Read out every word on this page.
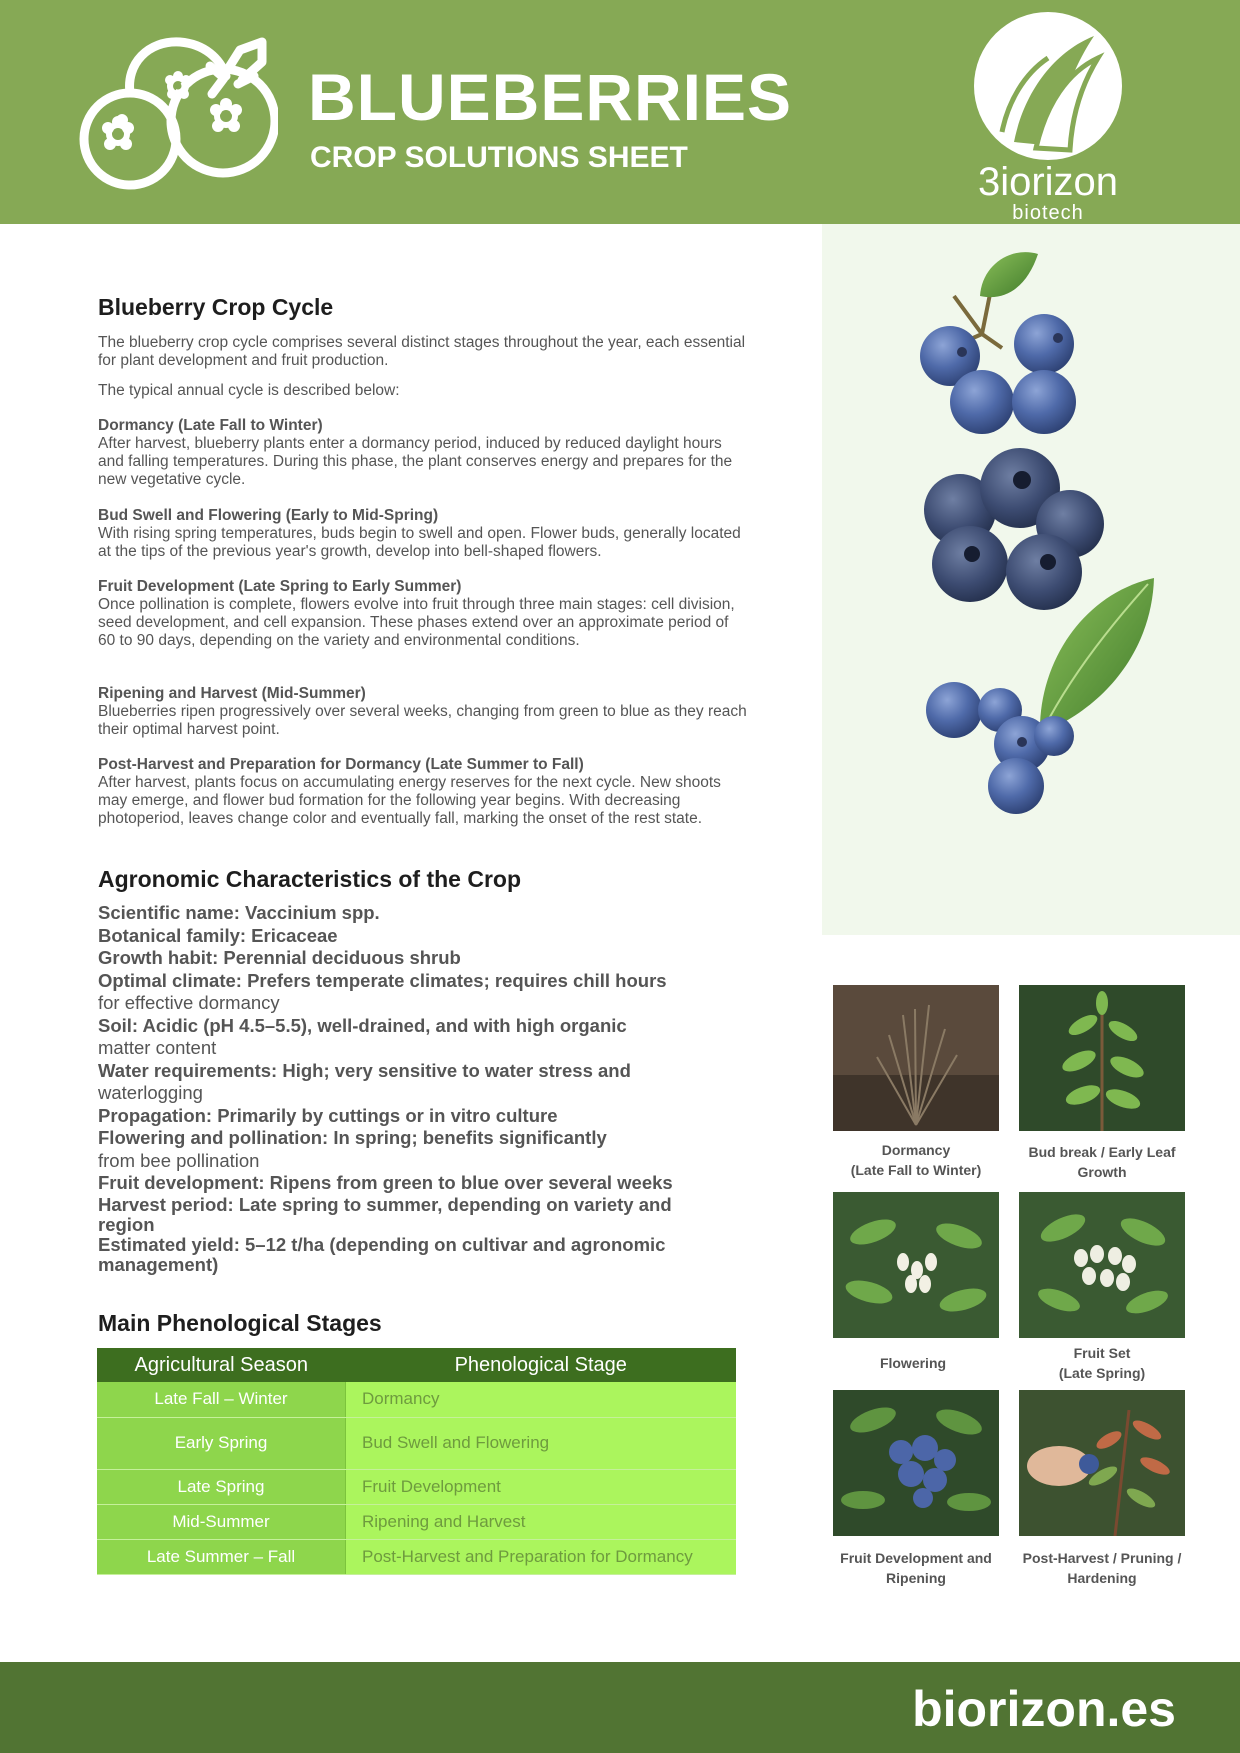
BLUEBERRIES
CROP SOLUTIONS SHEET
3iorizon
biotech
Blueberry Crop Cycle

The blueberry crop cycle comprises several distinct stages throughout the year, each essential for plant development and fruit production.

The typical annual cycle is described below:

Dormancy (Late Fall to Winter)

After harvest, blueberry plants enter a dormancy period, induced by reduced daylight hours and falling temperatures. During this phase, the plant conserves energy and prepares for the new vegetative cycle.

Bud Swell and Flowering (Early to Mid-Spring)

With rising spring temperatures, buds begin to swell and open. Flower buds, generally located at the tips of the previous year's growth, develop into bell-shaped flowers.

Fruit Development (Late Spring to Early Summer)

Once pollination is complete, flowers evolve into fruit through three main stages: cell division, seed development, and cell expansion. These phases extend over an approximate period of 60 to 90 days, depending on the variety and environmental conditions.

Ripening and Harvest (Mid-Summer)

Blueberries ripen progressively over several weeks, changing from green to blue as they reach their optimal harvest point.

Post-Harvest and Preparation for Dormancy (Late Summer to Fall)

After harvest, plants focus on accumulating energy reserves for the next cycle. New shoots may emerge, and flower bud formation for the following year begins. With decreasing photoperiod, leaves change color and eventually fall, marking the onset of the rest state.

Agronomic Characteristics of the Crop
Scientific name: Vaccinium spp.
Botanical family: Ericaceae
Growth habit: Perennial deciduous shrub
Optimal climate: Prefers temperate climates; requires chill hours
for effective dormancy
Soil: Acidic (pH 4.5–5.5), well-drained, and with high organic
matter content
Water requirements: High; very sensitive to water stress and
waterlogging
Propagation: Primarily by cuttings or in vitro culture
Flowering and pollination: In spring; benefits significantly
from bee pollination
Fruit development: Ripens from green to blue over several weeks
Harvest period: Late spring to summer, depending on variety and region
Estimated yield: 5–12 t/ha (depending on cultivar and agronomic management)
Main Phenological Stages
Agricultural Season	Phenological Stage
Late Fall – Winter	Dormancy
Early Spring	Bud Swell and Flowering
Late Spring	Fruit Development
Mid-Summer	Ripening and Harvest
Late Summer – Fall	Post-Harvest and Preparation for Dormancy
Dormancy
(Late Fall to Winter)
Bud break / Early Leaf Growth
Flowering
Fruit Set
(Late Spring)
Fruit Development and Ripening
Post-Harvest / Pruning / Hardening
biorizon.es
